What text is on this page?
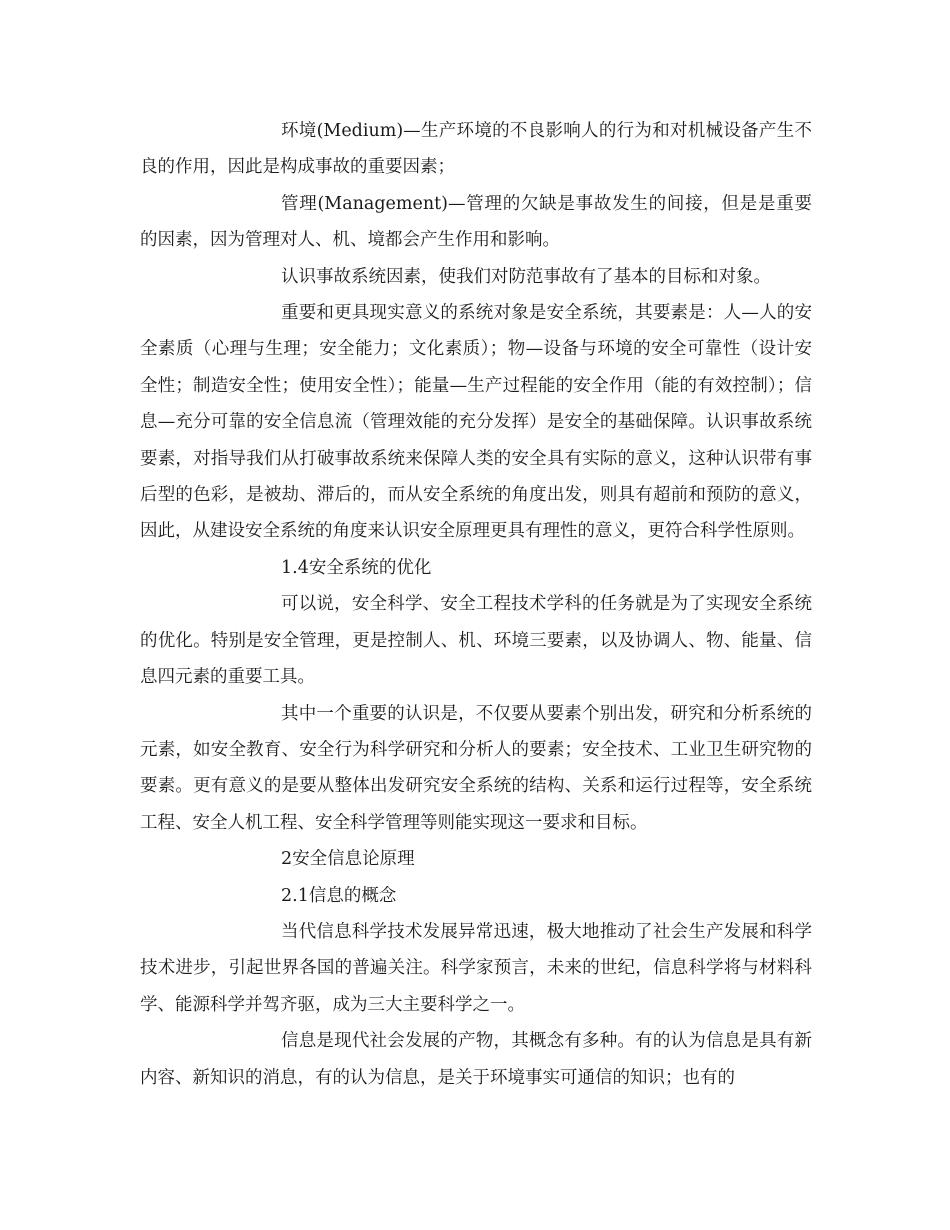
环境(Medium)—生产环境的不良影响人的行为和对机械设备产生不良的作用，因此是构成事故的重要因素；

管理(Management)—管理的欠缺是事故发生的间接，但是是重要的因素，因为管理对人、机、境都会产生作用和影响。

认识事故系统因素，使我们对防范事故有了基本的目标和对象。

重要和更具现实意义的系统对象是安全系统，其要素是：人—人的安全素质（心理与生理；安全能力；文化素质）；物—设备与环境的安全可靠性（设计安全性；制造安全性；使用安全性）；能量—生产过程能的安全作用（能的有效控制）；信息—充分可靠的安全信息流（管理效能的充分发挥）是安全的基础保障。认识事故系统要素，对指导我们从打破事故系统来保障人类的安全具有实际的意义，这种认识带有事后型的色彩，是被劫、滞后的，而从安全系统的角度出发，则具有超前和预防的意义，因此，从建设安全系统的角度来认识安全原理更具有理性的意义，更符合科学性原则。

1.4安全系统的优化

可以说，安全科学、安全工程技术学科的任务就是为了实现安全系统的优化。特别是安全管理，更是控制人、机、环境三要素，以及协调人、物、能量、信息四元素的重要工具。

其中一个重要的认识是，不仅要从要素个别出发，研究和分析系统的元素，如安全教育、安全行为科学研究和分析人的要素；安全技术、工业卫生研究物的要素。更有意义的是要从整体出发研究安全系统的结构、关系和运行过程等，安全系统工程、安全人机工程、安全科学管理等则能实现这一要求和目标。

2安全信息论原理

2.1信息的概念

当代信息科学技术发展异常迅速，极大地推动了社会生产发展和科学技术进步，引起世界各国的普遍关注。科学家预言，未来的世纪，信息科学将与材料科学、能源科学并驾齐驱，成为三大主要科学之一。

信息是现代社会发展的产物，其概念有多种。有的认为信息是具有新内容、新知识的消息，有的认为信息，是关于环境事实可通信的知识；也有的
